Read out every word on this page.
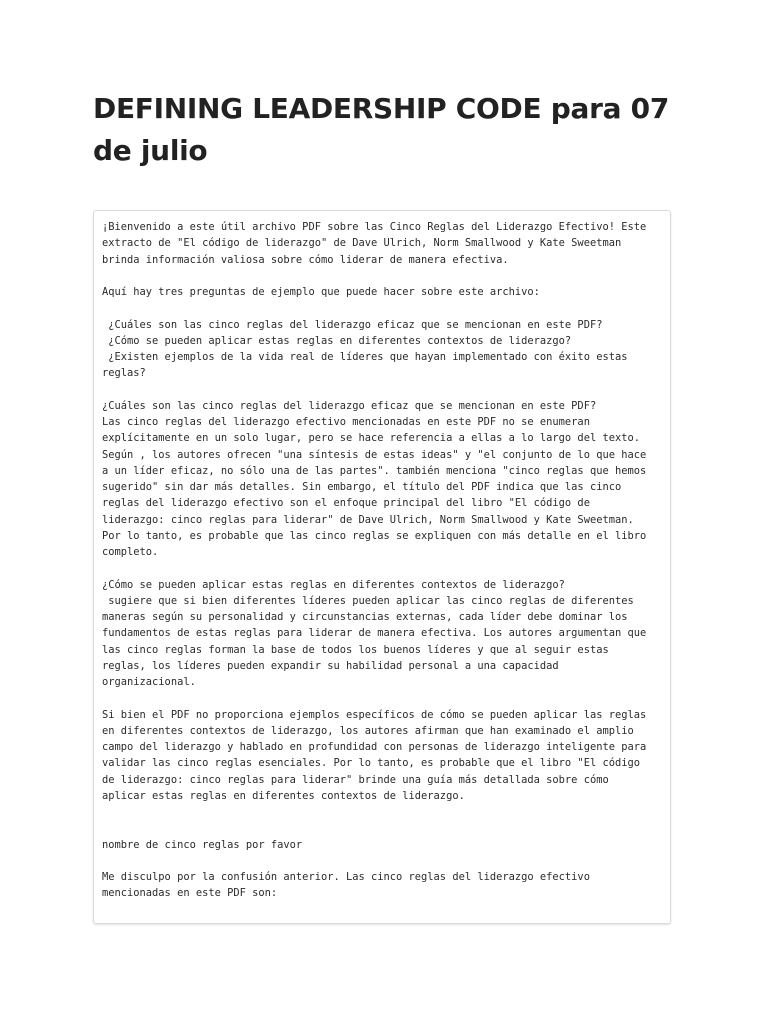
DEFINING LEADERSHIP CODE para 07 de julio
¡Bienvenido a este útil archivo PDF sobre las Cinco Reglas del Liderazgo Efectivo! Este
extracto de "El código de liderazgo" de Dave Ulrich, Norm Smallwood y Kate Sweetman
brinda información valiosa sobre cómo liderar de manera efectiva.

Aquí hay tres preguntas de ejemplo que puede hacer sobre este archivo:

¿Cuáles son las cinco reglas del liderazgo eficaz que se mencionan en este PDF?
¿Cómo se pueden aplicar estas reglas en diferentes contextos de liderazgo?
¿Existen ejemplos de la vida real de líderes que hayan implementado con éxito estas
reglas?

¿Cuáles son las cinco reglas del liderazgo eficaz que se mencionan en este PDF?
Las cinco reglas del liderazgo efectivo mencionadas en este PDF no se enumeran
explícitamente en un solo lugar, pero se hace referencia a ellas a lo largo del texto.
Según , los autores ofrecen "una síntesis de estas ideas" y "el conjunto de lo que hace
a un líder eficaz, no sólo una de las partes". también menciona "cinco reglas que hemos
sugerido" sin dar más detalles. Sin embargo, el título del PDF indica que las cinco
reglas del liderazgo efectivo son el enfoque principal del libro "El código de
liderazgo: cinco reglas para liderar" de Dave Ulrich, Norm Smallwood y Kate Sweetman.
Por lo tanto, es probable que las cinco reglas se expliquen con más detalle en el libro
completo.

¿Cómo se pueden aplicar estas reglas en diferentes contextos de liderazgo?
sugiere que si bien diferentes líderes pueden aplicar las cinco reglas de diferentes
maneras según su personalidad y circunstancias externas, cada líder debe dominar los
fundamentos de estas reglas para liderar de manera efectiva. Los autores argumentan que
las cinco reglas forman la base de todos los buenos líderes y que al seguir estas
reglas, los líderes pueden expandir su habilidad personal a una capacidad
organizacional.

Si bien el PDF no proporciona ejemplos específicos de cómo se pueden aplicar las reglas
en diferentes contextos de liderazgo, los autores afirman que han examinado el amplio
campo del liderazgo y hablado en profundidad con personas de liderazgo inteligente para
validar las cinco reglas esenciales. Por lo tanto, es probable que el libro "El código
de liderazgo: cinco reglas para liderar" brinde una guía más detallada sobre cómo
aplicar estas reglas en diferentes contextos de liderazgo.

nombre de cinco reglas por favor

Me disculpo por la confusión anterior. Las cinco reglas del liderazgo efectivo
mencionadas en este PDF son:
